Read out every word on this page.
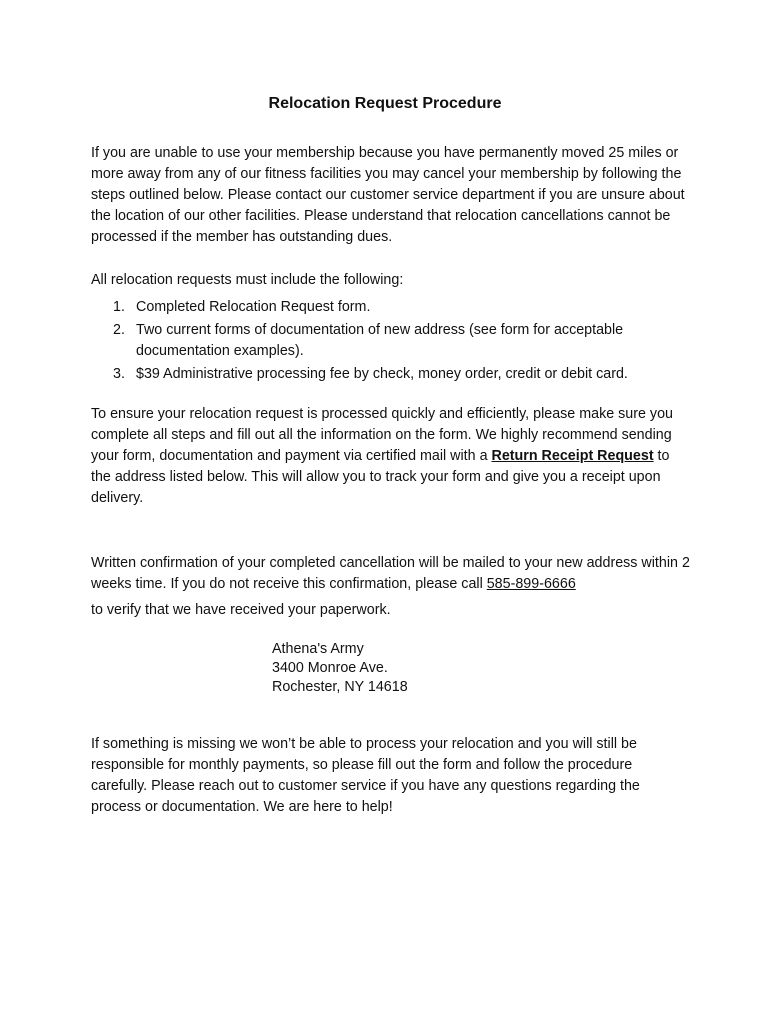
Relocation Request Procedure

If you are unable to use your membership because you have permanently moved 25 miles or more away from any of our fitness facilities you may cancel your membership by following the steps outlined below. Please contact our customer service department if you are unsure about the location of our other facilities. Please understand that relocation cancellations cannot be processed if the member has outstanding dues.

All relocation requests must include the following:

1. Completed Relocation Request form.
2. Two current forms of documentation of new address (see form for acceptable documentation examples).
3. $39 Administrative processing fee by check, money order, credit or debit card.

To ensure your relocation request is processed quickly and efficiently, please make sure you complete all steps and fill out all the information on the form. We highly recommend sending your form, documentation and payment via certified mail with a Return Receipt Request to the address listed below. This will allow you to track your form and give you a receipt upon delivery.

Written confirmation of your completed cancellation will be mailed to your new address within 2 weeks time. If you do not receive this confirmation, please call 585-899-6666

to verify that we have received your paperwork.

Athena's Army
3400 Monroe Ave.
Rochester, NY 14618

If something is missing we won’t be able to process your relocation and you will still be responsible for monthly payments, so please fill out the form and follow the procedure carefully. Please reach out to customer service if you have any questions regarding the process or documentation. We are here to help!
